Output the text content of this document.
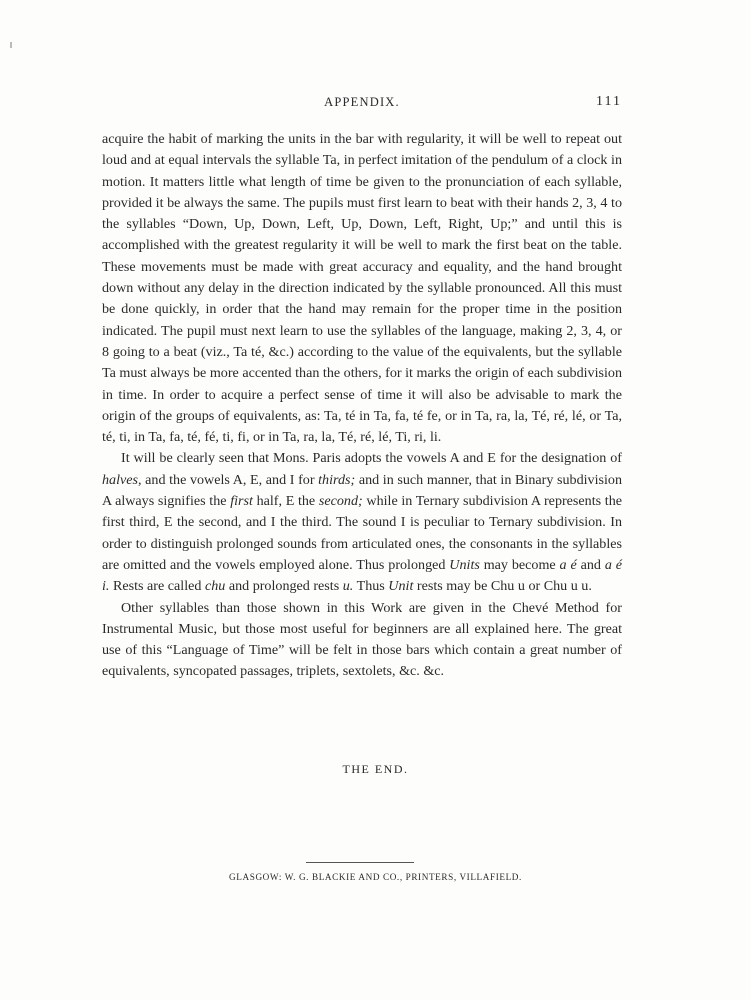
APPENDIX.	111

acquire the habit of marking the units in the bar with regularity, it will be well to repeat out loud and at equal intervals the syllable Ta, in perfect imitation of the pendulum of a clock in motion. It matters little what length of time be given to the pronunciation of each syllable, provided it be always the same. The pupils must first learn to beat with their hands 2, 3, 4 to the syllables “Down, Up, Down, Left, Up, Down, Left, Right, Up;” and until this is accomplished with the greatest regularity it will be well to mark the first beat on the table. These movements must be made with great accuracy and equality, and the hand brought down without any delay in the direction indicated by the syllable pronounced. All this must be done quickly, in order that the hand may remain for the proper time in the position indicated. The pupil must next learn to use the syllables of the language, making 2, 3, 4, or 8 going to a beat (viz., Ta té, &c.) according to the value of the equivalents, but the syllable Ta must always be more accented than the others, for it marks the origin of each subdivision in time. In order to acquire a perfect sense of time it will also be advisable to mark the origin of the groups of equivalents, as: Ta, té in Ta, fa, té fe, or in Ta, ra, la, Té, ré, lé, or Ta, té, ti, in Ta, fa, té, fé, ti, fi, or in Ta, ra, la, Té, ré, lé, Ti, ri, li.

It will be clearly seen that Mons. Paris adopts the vowels A and E for the designation of halves, and the vowels A, E, and I for thirds; and in such manner, that in Binary subdivision A always signifies the first half, E the second; while in Ternary subdivision A represents the first third, E the second, and I the third. The sound I is peculiar to Ternary subdivision. In order to distinguish prolonged sounds from articulated ones, the consonants in the syllables are omitted and the vowels employed alone. Thus prolonged Units may become a é and a é i. Rests are called chu and prolonged rests u. Thus Unit rests may be Chu u or Chu u u.

Other syllables than those shown in this Work are given in the Chevé Method for Instrumental Music, but those most useful for beginners are all explained here. The great use of this “Language of Time” will be felt in those bars which contain a great number of equivalents, syncopated passages, triplets, sextolets, &c. &c.

THE END.
GLASGOW: W. G. BLACKIE AND CO., PRINTERS, VILLAFIELD.
